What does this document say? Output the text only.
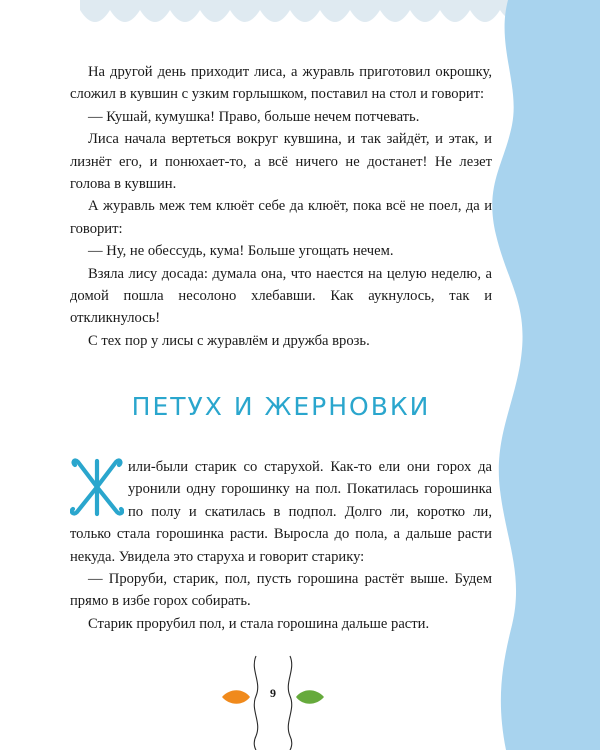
На другой день приходит лиса, а журавль приготовил окрошку, сложил в кувшин с узким горлышком, поставил на стол и говорит:

— Кушай, кумушка! Право, больше нечем потчевать.

Лиса начала вертеться вокруг кувшина, и так зайдёт, и этак, и лизнёт его, и понюхает-то, а всё ничего не достанет! Не лезет голова в кувшин.

А журавль меж тем клюёт себе да клюёт, пока всё не поел, да и говорит:

— Ну, не обессудь, кума! Больше угощать нечем.

Взяла лису досада: думала она, что наестся на целую неделю, а домой пошла несолоно хлебавши. Как аукнулось, так и откликнулось!

С тех пор у лисы с журавлём и дружба врозь.

ПЕТУХ И ЖЕРНОВКИ

или-были старик со старухой. Как-то ели они горох да уронили одну горошинку на пол. Покатилась горошинка по полу и скатилась в подпол. Долго ли, коротко ли, только стала горошинка расти. Выросла до пола, а дальше расти некуда. Увидела это старуха и говорит старику:

— Проруби, старик, пол, пусть горошина растёт выше. Будем прямо в избе горох собирать.

Старик прорубил пол, и стала горошина дальше расти.

9
